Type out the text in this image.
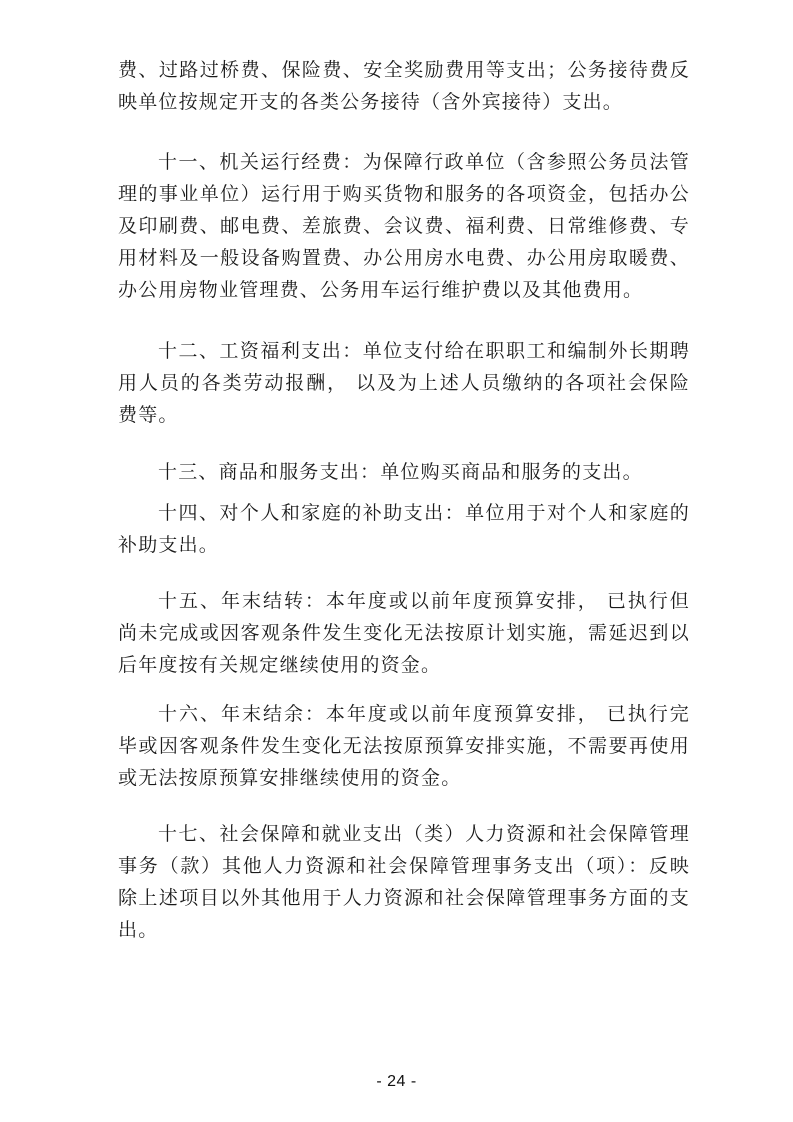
费、过路过桥费、保险费、安全奖励费用等支出；公务接待费反映单位按规定开支的各类公务接待（含外宾接待）支出。

十一、机关运行经费：为保障行政单位（含参照公务员法管理的事业单位）运行用于购买货物和服务的各项资金，包括办公及印刷费、邮电费、差旅费、会议费、福利费、日常维修费、专用材料及一般设备购置费、办公用房水电费、办公用房取暖费、办公用房物业管理费、公务用车运行维护费以及其他费用。

十二、工资福利支出：单位支付给在职职工和编制外长期聘用人员的各类劳动报酬， 以及为上述人员缴纳的各项社会保险费等。

十三、商品和服务支出：单位购买商品和服务的支出。

十四、对个人和家庭的补助支出：单位用于对个人和家庭的补助支出。

十五、年末结转：本年度或以前年度预算安排， 已执行但尚未完成或因客观条件发生变化无法按原计划实施，需延迟到以后年度按有关规定继续使用的资金。

十六、年末结余：本年度或以前年度预算安排， 已执行完毕或因客观条件发生变化无法按原预算安排实施，不需要再使用或无法按原预算安排继续使用的资金。

十七、社会保障和就业支出（类）人力资源和社会保障管理事务（款）其他人力资源和社会保障管理事务支出（项）：反映除上述项目以外其他用于人力资源和社会保障管理事务方面的支出。

- 24 -
